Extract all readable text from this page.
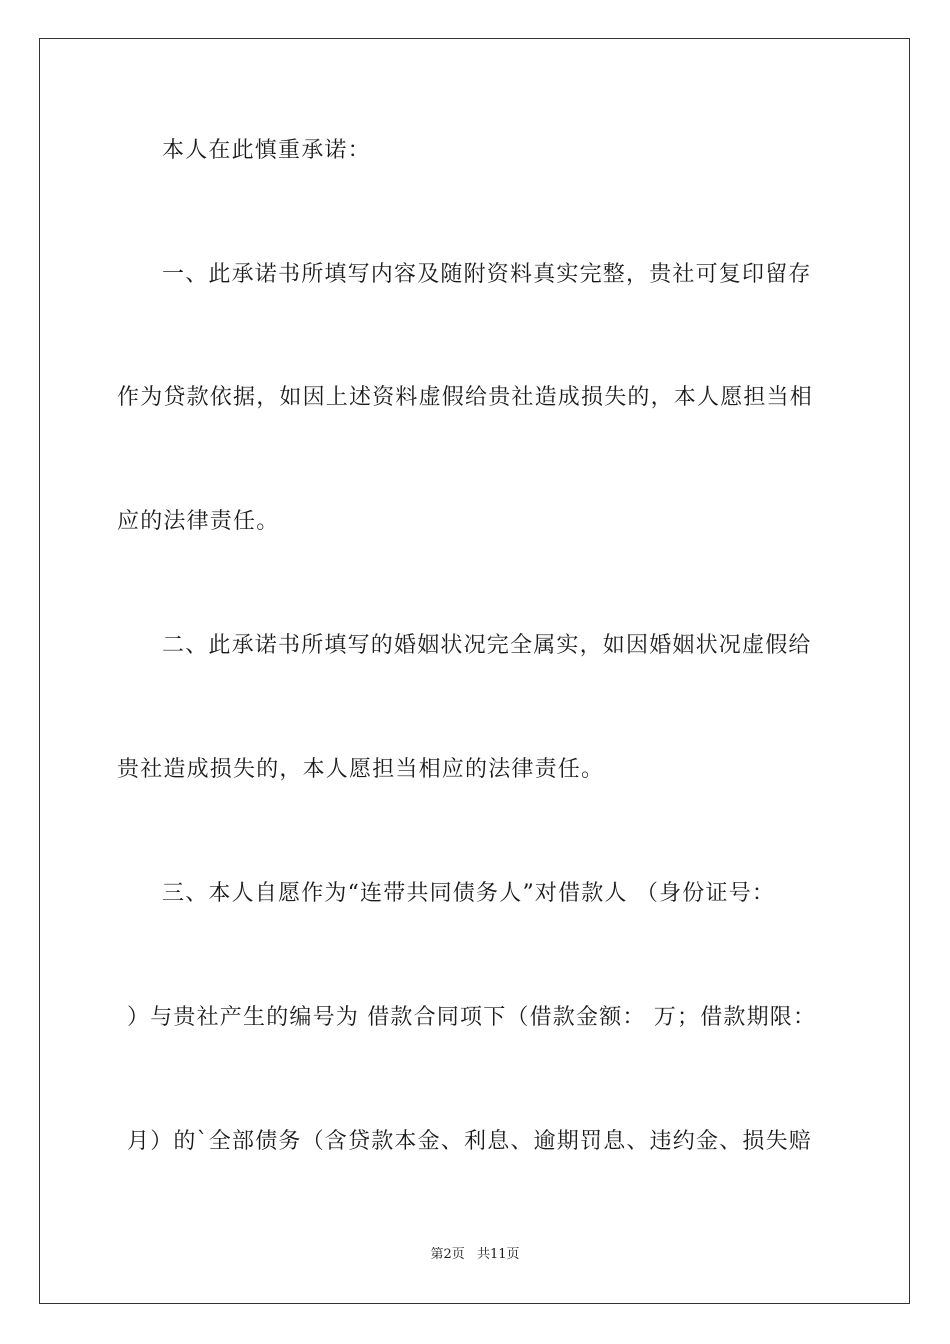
本人在此慎重承诺：
一、此承诺书所填写内容及随附资料真实完整，贵社可复印留存
作为贷款依据，如因上述资料虚假给贵社造成损失的，本人愿担当相
应的法律责任。
二、此承诺书所填写的婚姻状况完全属实，如因婚姻状况虚假给
贵社造成损失的，本人愿担当相应的法律责任。
三、本人自愿作为“连带共同债务人”对借款人 （身份证号：
）与贵社产生的编号为 借款合同项下（借款金额： 万；借款期限：
月）的`全部债务（含贷款本金、利息、逾期罚息、违约金、损失赔
第2页 共11页
